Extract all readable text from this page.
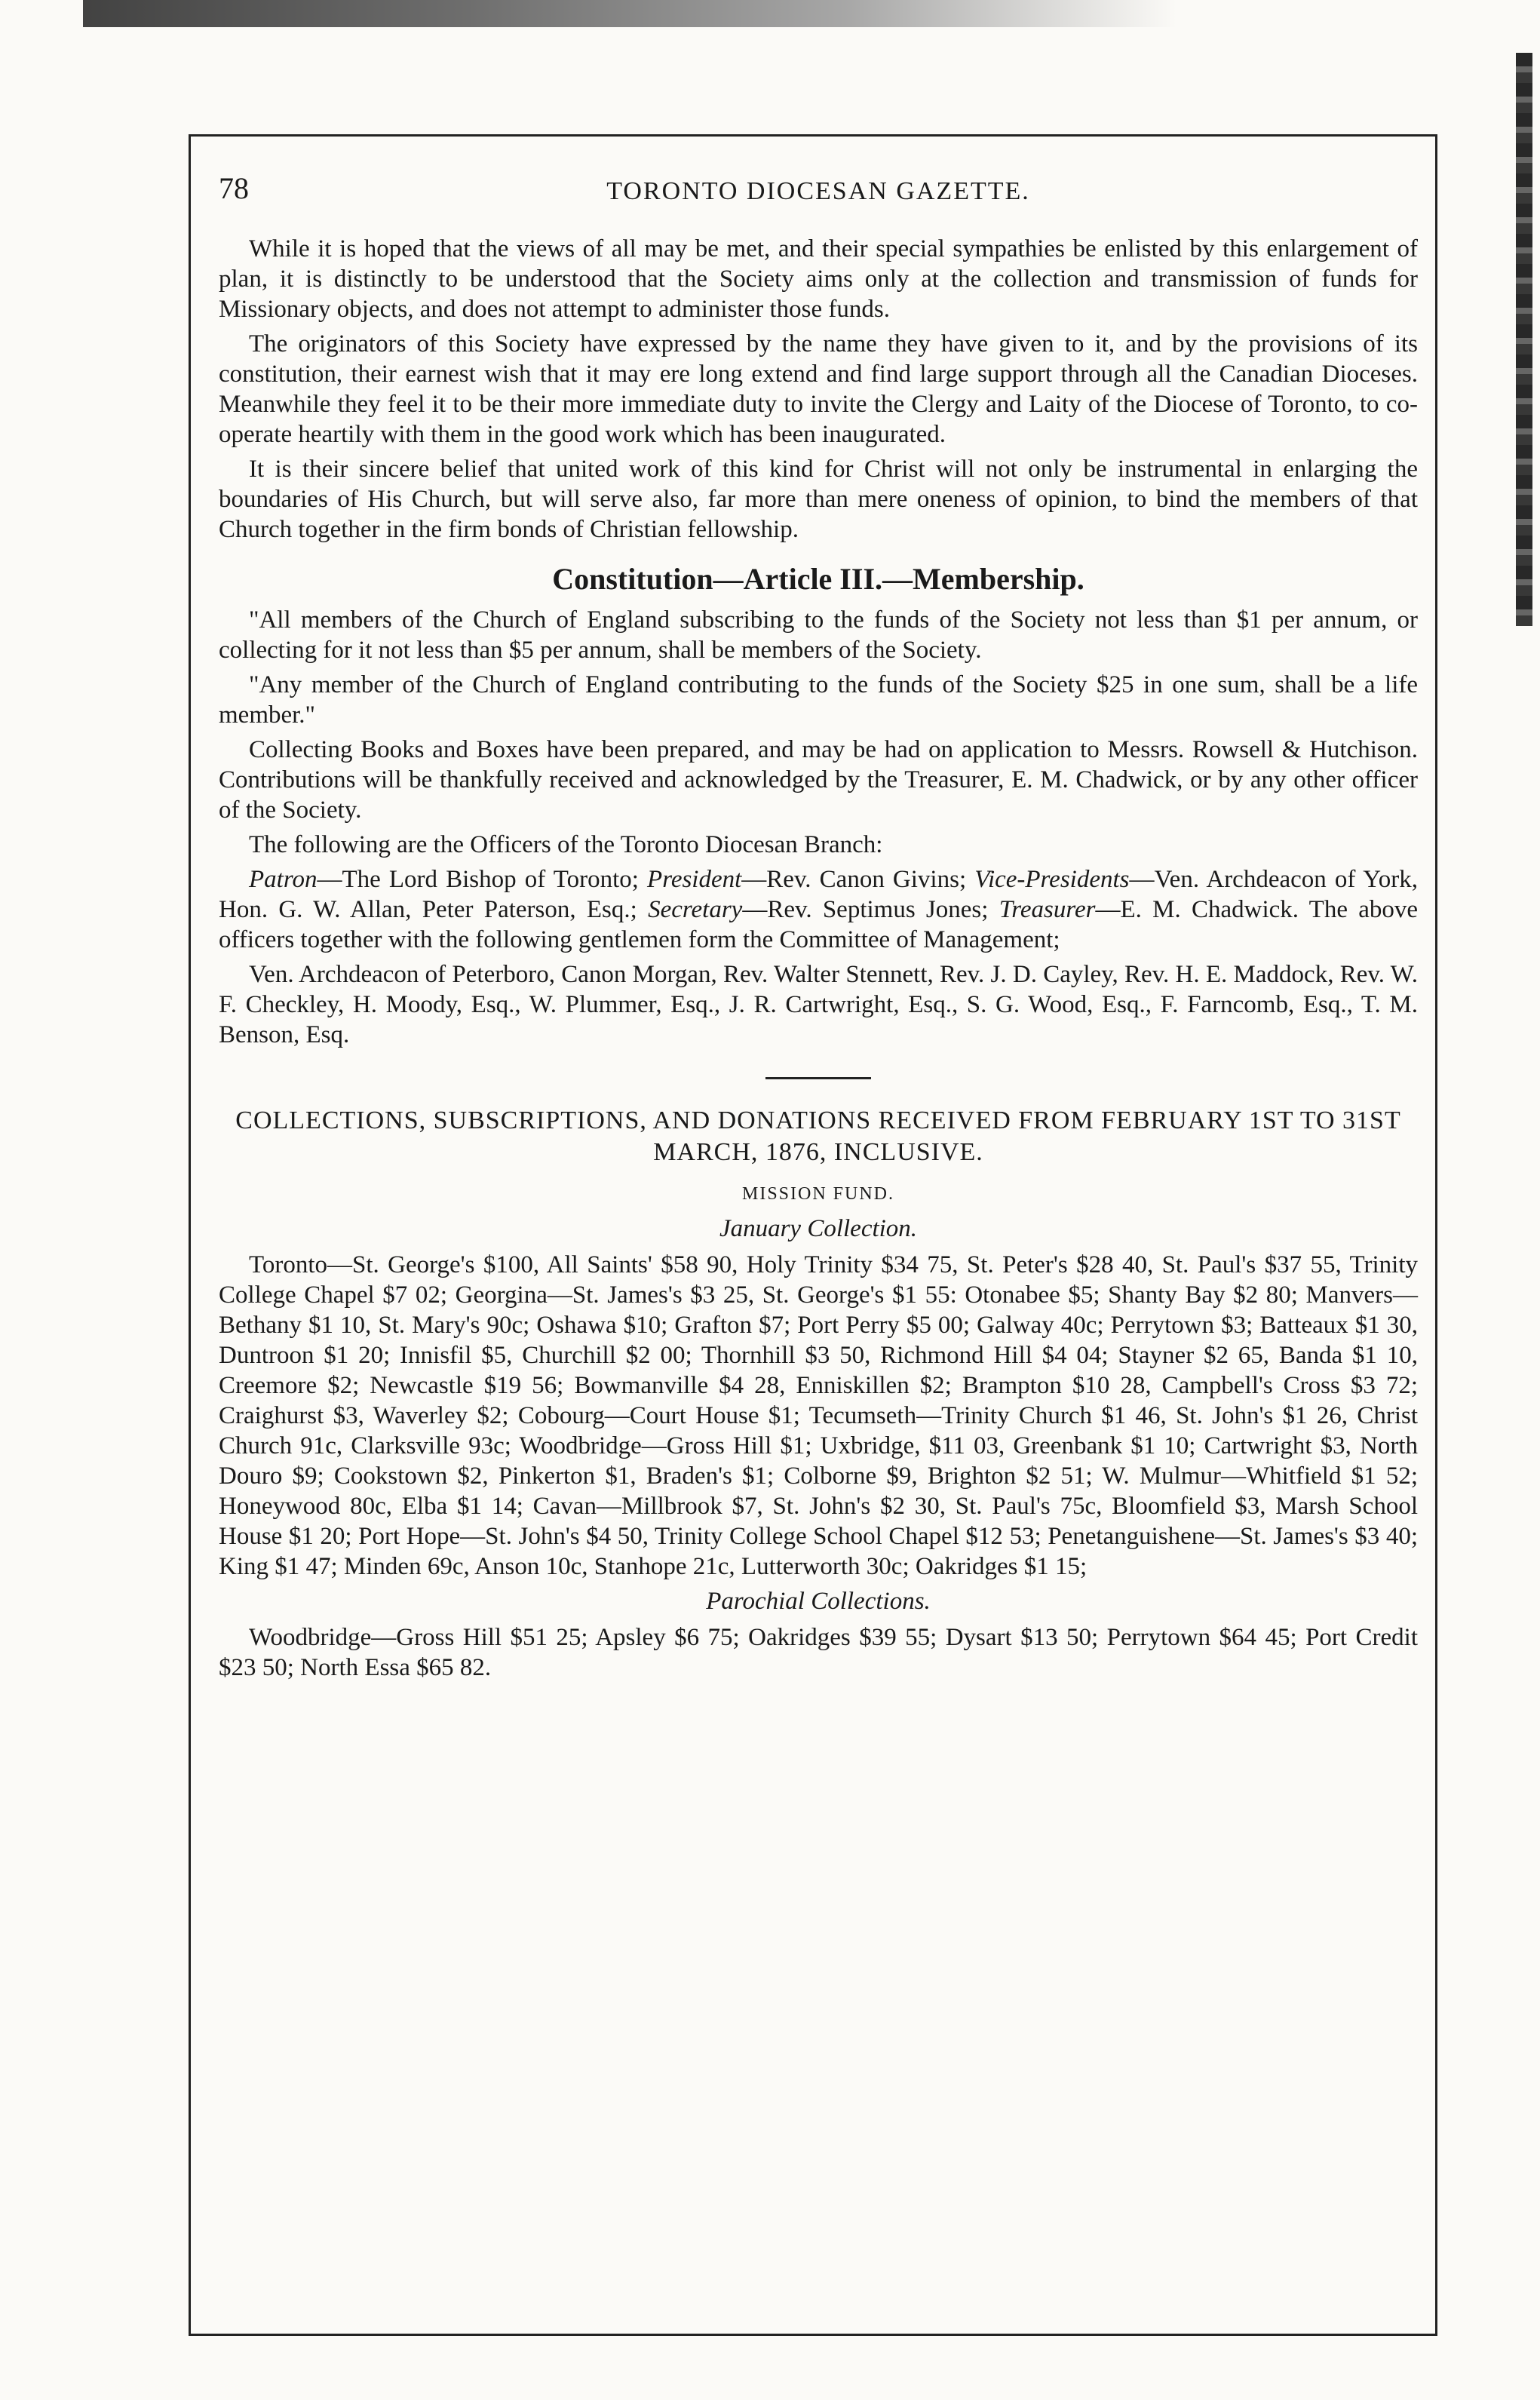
78	TORONTO DIOCESAN GAZETTE.

While it is hoped that the views of all may be met, and their special sympathies be enlisted by this enlargement of plan, it is distinctly to be understood that the Society aims only at the collection and transmission of funds for Missionary objects, and does not attempt to administer those funds.

The originators of this Society have expressed by the name they have given to it, and by the provisions of its constitution, their earnest wish that it may ere long extend and find large support through all the Canadian Dioceses. Meanwhile they feel it to be their more immediate duty to invite the Clergy and Laity of the Diocese of Toronto, to co-operate heartily with them in the good work which has been inaugurated.

It is their sincere belief that united work of this kind for Christ will not only be instrumental in enlarging the boundaries of His Church, but will serve also, far more than mere oneness of opinion, to bind the members of that Church together in the firm bonds of Christian fellowship.

Constitution—Article III.—Membership.

"All members of the Church of England subscribing to the funds of the Society not less than $1 per annum, or collecting for it not less than $5 per annum, shall be members of the Society.

"Any member of the Church of England contributing to the funds of the Society $25 in one sum, shall be a life member."

Collecting Books and Boxes have been prepared, and may be had on application to Messrs. Rowsell & Hutchison. Contributions will be thankfully received and acknowledged by the Treasurer, E. M. Chadwick, or by any other officer of the Society.

The following are the Officers of the Toronto Diocesan Branch:

Patron—The Lord Bishop of Toronto; President—Rev. Canon Givins; Vice-Presidents—Ven. Archdeacon of York, Hon. G. W. Allan, Peter Paterson, Esq.; Secretary—Rev. Septimus Jones; Treasurer—E. M. Chadwick. The above officers together with the following gentlemen form the Committee of Management;

Ven. Archdeacon of Peterboro, Canon Morgan, Rev. Walter Stennett, Rev. J. D. Cayley, Rev. H. E. Maddock, Rev. W. F. Checkley, H. Moody, Esq., W. Plummer, Esq., J. R. Cartwright, Esq., S. G. Wood, Esq., F. Farncomb, Esq., T. M. Benson, Esq.

COLLECTIONS, SUBSCRIPTIONS, AND DONATIONS RECEIVED FROM FEBRUARY 1ST TO 31ST MARCH, 1876, INCLUSIVE.
MISSION FUND.
January Collection.

Toronto—St. George's $100, All Saints' $58 90, Holy Trinity $34 75, St. Peter's $28 40, St. Paul's $37 55, Trinity College Chapel $7 02; Georgina—St. James's $3 25, St. George's $1 55: Otonabee $5; Shanty Bay $2 80; Manvers—Bethany $1 10, St. Mary's 90c; Oshawa $10; Grafton $7; Port Perry $5 00; Galway 40c; Perrytown $3; Batteaux $1 30, Duntroon $1 20; Innisfil $5, Churchill $2 00; Thornhill $3 50, Richmond Hill $4 04; Stayner $2 65, Banda $1 10, Creemore $2; Newcastle $19 56; Bowmanville $4 28, Enniskillen $2; Brampton $10 28, Campbell's Cross $3 72; Craighurst $3, Waverley $2; Cobourg—Court House $1; Tecumseth—Trinity Church $1 46, St. John's $1 26, Christ Church 91c, Clarksville 93c; Woodbridge—Gross Hill $1; Uxbridge, $11 03, Greenbank $1 10; Cartwright $3, North Douro $9; Cookstown $2, Pinkerton $1, Braden's $1; Colborne $9, Brighton $2 51; W. Mulmur—Whitfield $1 52; Honeywood 80c, Elba $1 14; Cavan—Millbrook $7, St. John's $2 30, St. Paul's 75c, Bloomfield $3, Marsh School House $1 20; Port Hope—St. John's $4 50, Trinity College School Chapel $12 53; Penetanguishene—St. James's $3 40; King $1 47; Minden 69c, Anson 10c, Stanhope 21c, Lutterworth 30c; Oakridges $1 15;

Parochial Collections.

Woodbridge—Gross Hill $51 25; Apsley $6 75; Oakridges $39 55; Dysart $13 50; Perrytown $64 45; Port Credit $23 50; North Essa $65 82.
